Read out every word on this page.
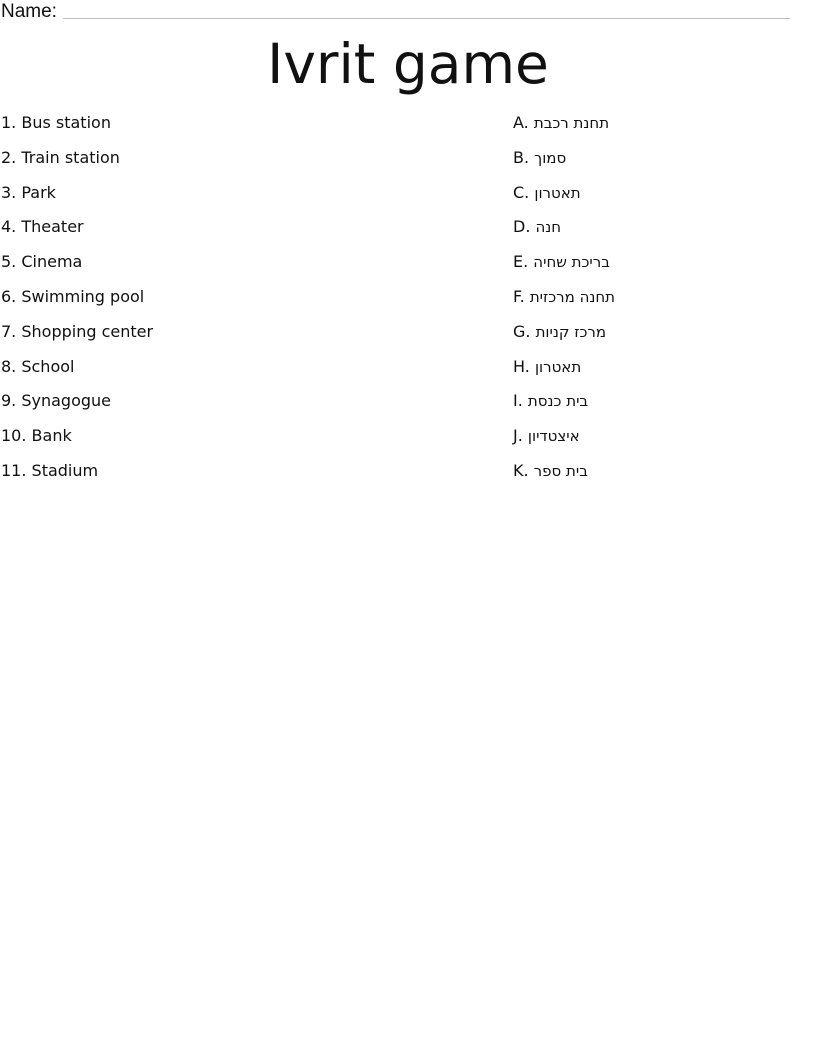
Name:
Ivrit game
1. Bus station
2. Train station
3. Park
4. Theater
5. Cinema
6. Swimming pool
7. Shopping center
8. School
9. Synagogue
10. Bank
11. Stadium
A. תחנת רכבת
B. סמוך
C. תאטרון
D. חנה
E. בריכת שחיה
F. תחנה מרכזית
G. מרכז קניות
H. תאטרון
I. בית כנסת
J. איצטדיון
K. בית ספר
